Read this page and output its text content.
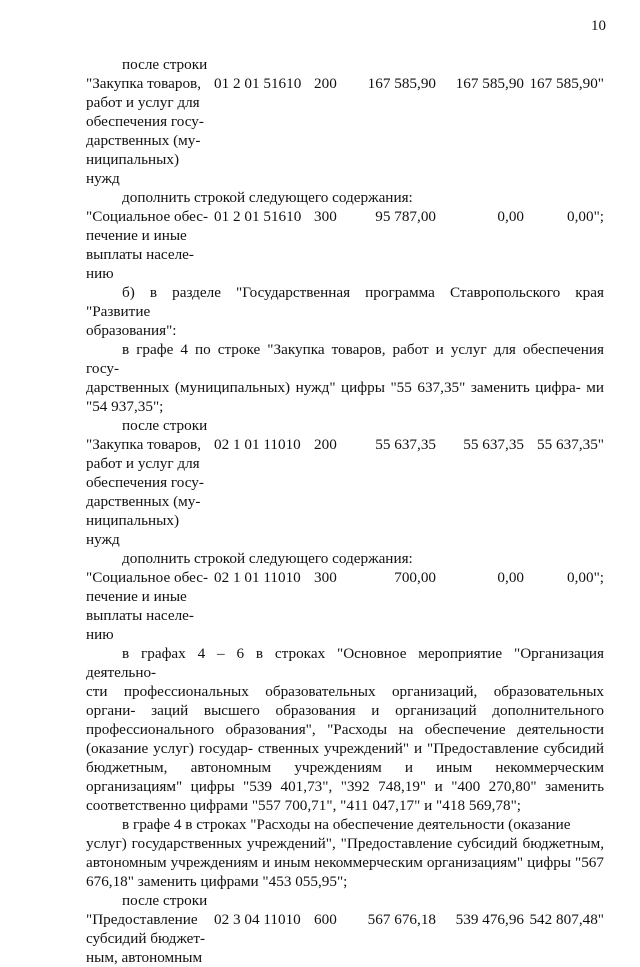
10
после строки
"Закупка товаров,
работ и услуг для
обеспечения госу-
дарственных (му-
ниципальных)
нужд
	01 2 01 51610	200	167 585,90	167 585,90	167 585,90"
дополнить строкой следующего содержания:
"Социальное обес-
печение и иные
выплаты населе-
нию
	01 2 01 51610	300	95 787,00	0,00	0,00";
б) в разделе "Государственная программа Ставропольского края "Развитие
образования":
в графе 4 по строке "Закупка товаров, работ и услуг для обеспечения госу-
дарственных (муниципальных) нужд" цифры "55 637,35" заменить цифра- ми "54 937,35";
после строки
"Закупка товаров,
работ и услуг для
обеспечения госу-
дарственных (му-
ниципальных)
нужд
	02 1 01 11010	200	55 637,35	55 637,35	55 637,35"
дополнить строкой следующего содержания:
"Социальное обес-
печение и иные
выплаты населе-
нию
	02 1 01 11010	300	700,00	0,00	0,00";
в графах 4 – 6 в строках "Основное мероприятие "Организация деятельно-
сти профессиональных образовательных организаций, образовательных органи- заций высшего образования и организаций дополнительного профессионального образования", "Расходы на обеспечение деятельности (оказание услуг) государ- ственных учреждений" и "Предоставление субсидий бюджетным, автономным учреждениям и иным некоммерческим организациям" цифры "539 401,73", "392 748,19" и "400 270,80" заменить соответственно цифрами "557 700,71", "411 047,17" и "418 569,78";
в графе 4 в строках "Расходы на обеспечение деятельности (оказание
услуг) государственных учреждений", "Предоставление субсидий бюджетным, автономным учреждениям и иным некоммерческим организациям" цифры "567 676,18" заменить цифрами "453 055,95";
после строки
"Предоставление
субсидий бюджет-
ным, автономным
	02 3 04 11010	600	567 676,18	539 476,96	542 807,48"
